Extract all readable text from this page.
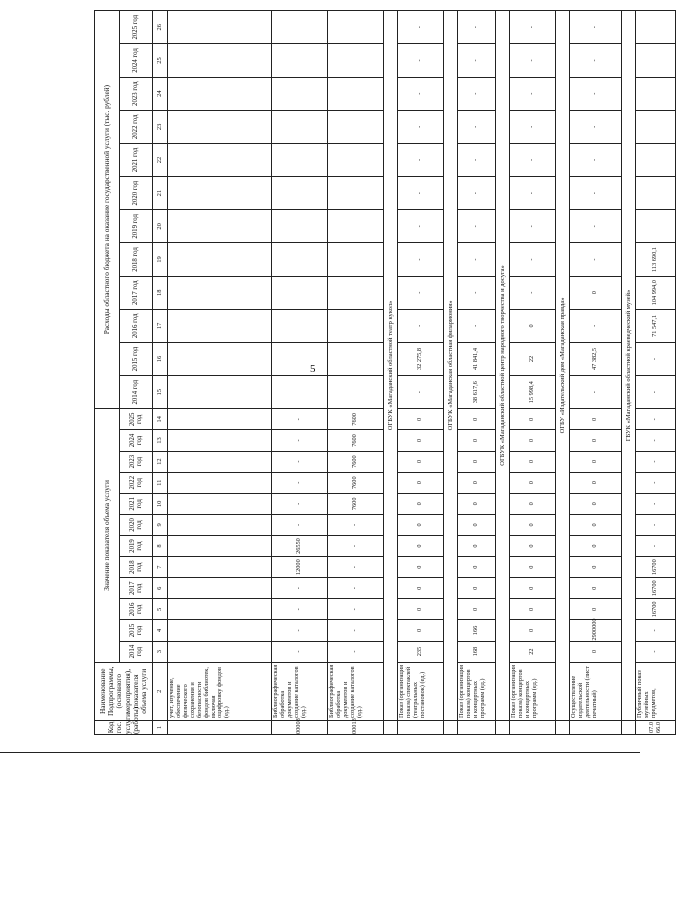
5
Код гос. услуги (работы)	Наименование Подпрограммы, (основного мероприятия), показателя объема услуги	Значение показателя объема услуги												Расходы областного бюджета на оказание государственной услуги (тыс. рублей)											
		2014 год	2015 год	2016 год	2017 год	2018 год	2019 год	2020 год	2021 год	2022 год	2023 год	2024 год	2025 год	2014 год	2015 год	2016 год	2017 год	2018 год	2019 год	2020 год	2021 год	2022 год	2023 год	2024 год	2025 год
1	2	3	4	5	6	7	8	9	10	11	12	13	14	15	16	17	18	19	20	21	22	23	24	25	26
	учет, изучение, обеспечение физического сохранения и безопасности фондов библиотек, включая оцифровку фондов (ед.)																								
00008	Библиографическая обработка документов и создание каталогов (ед.)	-	-	-	-	12000	26550	-	-	-	-	-	-												
00013	Библиографическая обработка документов и создание каталогов (ед.)	-	-	-	-	-	-	-	7600	7600	7600	7600	7600												
	ОГБУК «Магаданский областной театр кукол»																								
	Показ (организация показа) спектаклей (театральных постановок) (ед.)	235	0	0	0	0	0	0	0	0	0	0	0	-	32 275,8	-	-	-	-	-	-	-	-	-	-
	ОГБУК «Магаданская областная филармония»																								
	Показ (организация показа) концертов и концертных программ (ед.)	168	166	0	0	0	0	0	0	0	0	0	0	38 617,6	41 841,4	-	-	-	-	-	-	-	-	-	-
	ОГБУК «Магаданский областной центр народного творчества и досуга»																								
	Показ (организация показа) концертов и концертных программ (ед.)	22	0	0	0	0	0	0	0	0	0	0	0	15 998,4	22	0	-	-	-	-	-	-	-	-	-
	ОГБУ «Издательский дом «Магаданская правда»																								
	Осуществление издательской деятельности (лист печатный)	0	2900000	0	0	0	0	0	0	0	0	0	0	-	47 382,5	-	0	-	-	-	-	-	-	-	-
	ГБУК «Магаданский областной краеведческий музей»																								
07.0 66.0	Публичный показ музейных предметов,	-	-	16700	16700	16700	-	-	-	-	-	-	-	-	-	71 547,1	104 994,0	113 690,1							
